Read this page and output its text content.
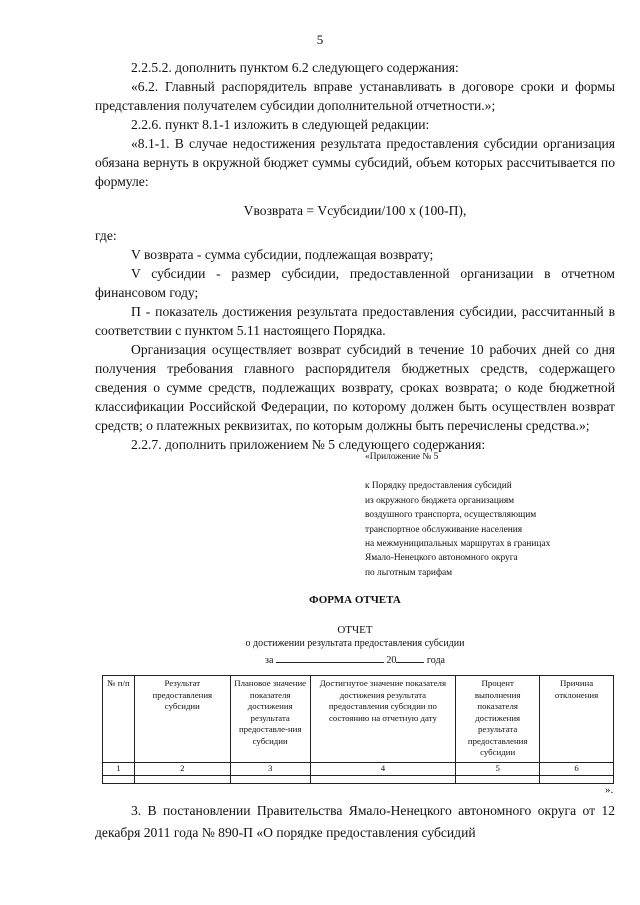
5

2.2.5.2. дополнить пунктом 6.2 следующего содержания:

«6.2. Главный распорядитель вправе устанавливать в договоре сроки и формы представления получателем субсидии дополнительной отчетности.»;

2.2.6. пункт 8.1-1 изложить в следующей редакции:

«8.1-1. В случае недостижения результата предоставления субсидии организация обязана вернуть в окружной бюджет суммы субсидий, объем которых рассчитывается по формуле:

Vвозврата = Vсубсидии/100 x (100-П),

где:

V возврата - сумма субсидии, подлежащая возврату;

V субсидии - размер субсидии, предоставленной организации в отчетном финансовом году;

П - показатель достижения результата предоставления субсидии, рассчитанный в соответствии с пунктом 5.11 настоящего Порядка.

Организация осуществляет возврат субсидий в течение 10 рабочих дней со дня получения требования главного распорядителя бюджетных средств, содержащего сведения о сумме средств, подлежащих возврату, сроках возврата; о коде бюджетной классификации Российской Федерации, по которому должен быть осуществлен возврат средств; о платежных реквизитах, по которым должны быть перечислены средства.»;

2.2.7. дополнить приложением № 5 следующего содержания:

«Приложение № 5
к Порядку предоставления субсидий
из окружного бюджета организациям
воздушного транспорта, осуществляющим
транспортное обслуживание населения
на межмуниципальных маршрутах в границах
Ямало-Ненецкого автономного округа
по льготным тарифам
ФОРМА ОТЧЕТА
ОТЧЕТ
о достижении результата предоставления субсидии
за	20	года
№ п/п	Результат предоставления субсидии	Плановое значение показателя достижения результата предоставле-ния субсидии	Достигнутое значение показателя достижения результата предоставления субсидии по состоянию на отчетную дату	Процент выполнения показателя достижения результата предоставления субсидии	Причина отклонения
1	2	3	4	5	6

».

3. В постановлении Правительства Ямало-Ненецкого автономного округа от 12 декабря 2011 года № 890-П «О порядке предоставления субсидий
